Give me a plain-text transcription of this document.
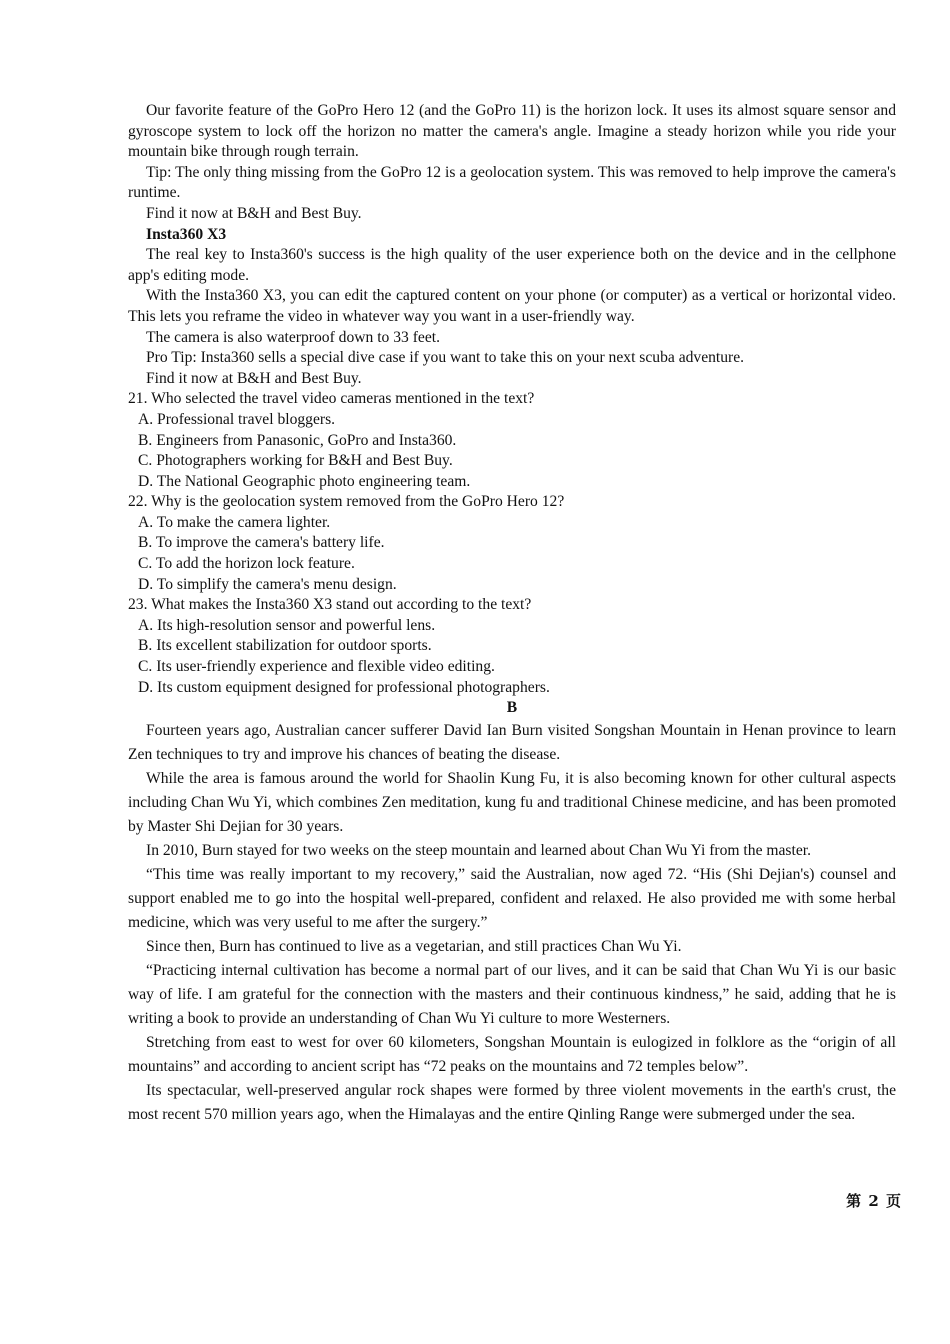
Our favorite feature of the GoPro Hero 12 (and the GoPro 11) is the horizon lock. It uses its almost square sensor and gyroscope system to lock off the horizon no matter the camera's angle. Imagine a steady horizon while you ride your mountain bike through rough terrain.

Tip: The only thing missing from the GoPro 12 is a geolocation system. This was removed to help improve the camera's runtime.

Find it now at B&H and Best Buy.

Insta360 X3

The real key to Insta360's success is the high quality of the user experience both on the device and in the cellphone app's editing mode.

With the Insta360 X3, you can edit the captured content on your phone (or computer) as a vertical or horizontal video. This lets you reframe the video in whatever way you want in a user-friendly way.

The camera is also waterproof down to 33 feet.

Pro Tip: Insta360 sells a special dive case if you want to take this on your next scuba adventure.

Find it now at B&H and Best Buy.

21. Who selected the travel video cameras mentioned in the text?

A. Professional travel bloggers.

B. Engineers from Panasonic, GoPro and Insta360.

C. Photographers working for B&H and Best Buy.

D. The National Geographic photo engineering team.

22. Why is the geolocation system removed from the GoPro Hero 12?

A. To make the camera lighter.

B. To improve the camera's battery life.

C. To add the horizon lock feature.

D. To simplify the camera's menu design.

23. What makes the Insta360 X3 stand out according to the text?

A. Its high-resolution sensor and powerful lens.

B. Its excellent stabilization for outdoor sports.

C. Its user-friendly experience and flexible video editing.

D. Its custom equipment designed for professional photographers.

B

Fourteen years ago, Australian cancer sufferer David Ian Burn visited Songshan Mountain in Henan province to learn Zen techniques to try and improve his chances of beating the disease.

While the area is famous around the world for Shaolin Kung Fu, it is also becoming known for other cultural aspects including Chan Wu Yi, which combines Zen meditation, kung fu and traditional Chinese medicine, and has been promoted by Master Shi Dejian for 30 years.

In 2010, Burn stayed for two weeks on the steep mountain and learned about Chan Wu Yi from the master.

“This time was really important to my recovery,” said the Australian, now aged 72. “His (Shi Dejian's) counsel and support enabled me to go into the hospital well-prepared, confident and relaxed. He also provided me with some herbal medicine, which was very useful to me after the surgery.”

Since then, Burn has continued to live as a vegetarian, and still practices Chan Wu Yi.

“Practicing internal cultivation has become a normal part of our lives, and it can be said that Chan Wu Yi is our basic way of life. I am grateful for the connection with the masters and their continuous kindness,” he said, adding that he is writing a book to provide an understanding of Chan Wu Yi culture to more Westerners.

Stretching from east to west for over 60 kilometers, Songshan Mountain is eulogized in folklore as the “origin of all mountains” and according to ancient script has “72 peaks on the mountains and 72 temples below”.

Its spectacular, well-preserved angular rock shapes were formed by three violent movements in the earth's crust, the most recent 570 million years ago, when the Himalayas and the entire Qinling Range were submerged under the sea.

第 2 页
